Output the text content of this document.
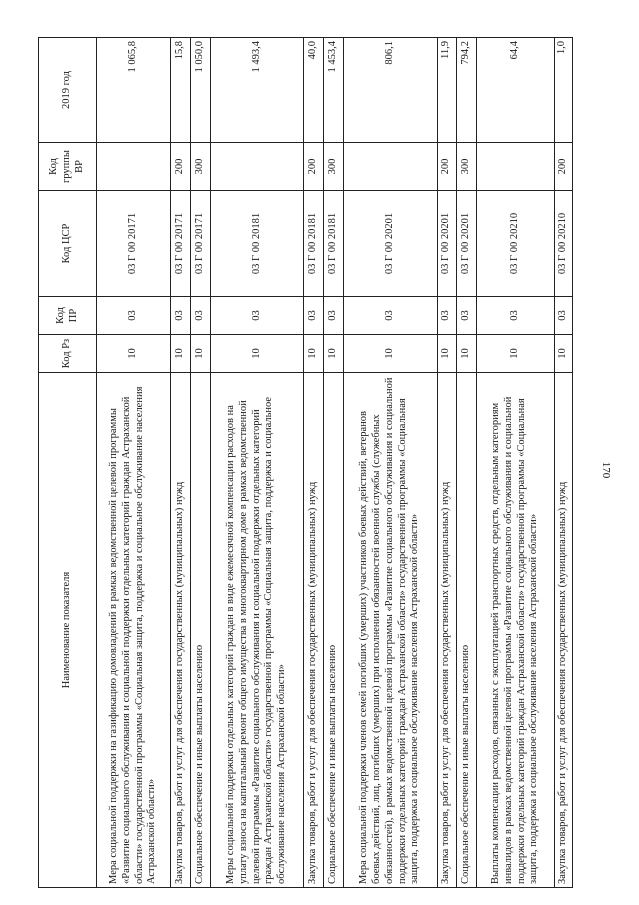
170
Наименование показателя	Код Рз	Код ПР	Код ЦСР	Код группы ВР	2019 год
Мера социальной поддержки на газификацию домовладений в рамках ведомственной целевой программы «Развитие социального обслуживания и социальной поддержки отдельных категорий граждан Астраханской области» государственной программы «Социальная защита, поддержка и социальное обслуживание населения Астраханской области»	10	03	03 Г 00 20171		1 065,8
Закупка товаров, работ и услуг для обеспечения государственных (муниципальных) нужд	10	03	03 Г 00 20171	200	15,8
Социальное обеспечение и иные выплаты населению	10	03	03 Г 00 20171	300	1 050,0
Меры социальной поддержки отдельных категорий граждан в виде ежемесячной компенсации расходов на уплату взноса на капитальный ремонт общего имущества в многоквартирном доме в рамках ведомственной целевой программы «Развитие социального обслуживания и социальной поддержки отдельных категорий граждан Астраханской области» государственной программы «Социальная защита, поддержка и социальное обслуживание населения Астраханской области»	10	03	03 Г 00 20181		1 493,4
Закупка товаров, работ и услуг для обеспечения государственных (муниципальных) нужд	10	03	03 Г 00 20181	200	40,0
Социальное обеспечение и иные выплаты населению	10	03	03 Г 00 20181	300	1 453,4
Мера социальной поддержки членов семей погибших (умерших) участников боевых действий, ветеранов боевых действий, лиц, погибших (умерших) при исполнении обязанностей военной службы (служебных обязанностей), в рамках ведомственной целевой программы «Развитие социального обслуживания и социальной поддержки отдельных категорий граждан Астраханской области» государственной программы «Социальная защита, поддержка и социальное обслуживание населения Астраханской области»	10	03	03 Г 00 20201		806,1
Закупка товаров, работ и услуг для обеспечения государственных (муниципальных) нужд	10	03	03 Г 00 20201	200	11,9
Социальное обеспечение и иные выплаты населению	10	03	03 Г 00 20201	300	794,2
Выплаты компенсации расходов, связанных с эксплуатацией транспортных средств, отдельным категориям инвалидов в рамках ведомственной целевой программы «Развитие социального обслуживания и социальной поддержки отдельных категорий граждан Астраханской области» государственной программы «Социальная защита, поддержка и социальное обслуживание населения Астраханской области»	10	03	03 Г 00 20210		64,4
Закупка товаров, работ и услуг для обеспечения государственных (муниципальных) нужд	10	03	03 Г 00 20210	200	1,0
